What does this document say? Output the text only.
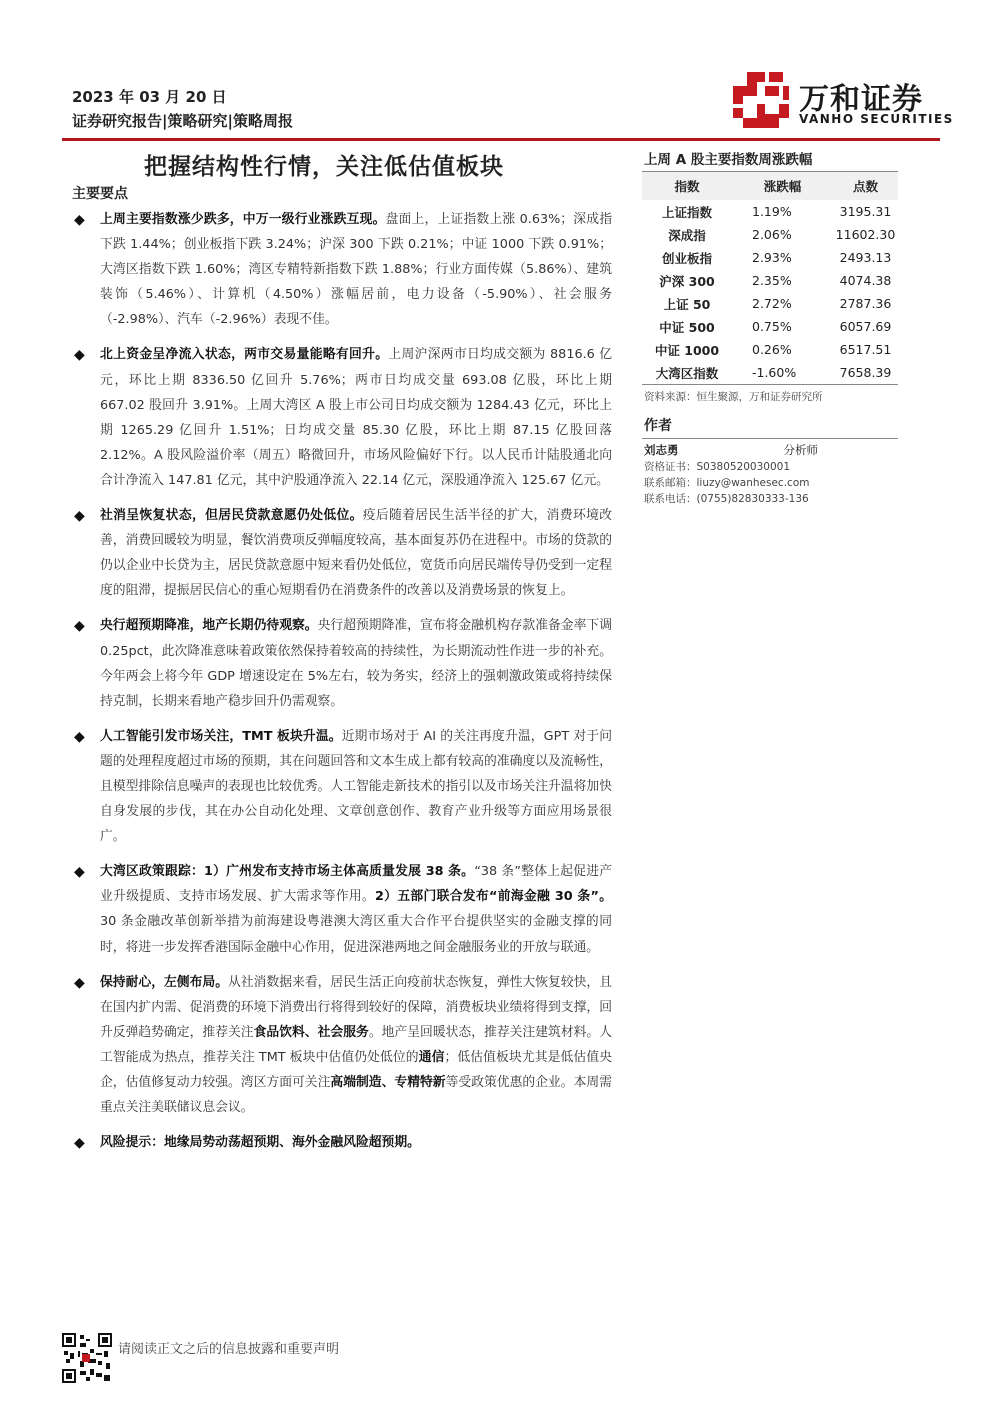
2023 年 03 月 20 日
证券研究报告|策略研究|策略周报
万和证券
VANHO SECURITIES
把握结构性行情，关注低估值板块
主要要点
◆ 上周主要指数涨少跌多，中万一级行业涨跌互现。盘面上，上证指数上涨 0.63%；深成指下跌 1.44%；创业板指下跌 3.24%；沪深 300 下跌 0.21%；中证 1000 下跌 0.91%；大湾区指数下跌 1.60%；湾区专精特新指数下跌 1.88%；行业方面传媒（5.86%）、建筑装饰（5.46%）、计算机（4.50%）涨幅居前，电力设备（-5.90%）、社会服务（-2.98%）、汽车（-2.96%）表现不佳。
◆ 北上资金呈净流入状态，两市交易量能略有回升。上周沪深两市日均成交额为 8816.6 亿元，环比上期 8336.50 亿回升 5.76%；两市日均成交量 693.08 亿股，环比上期 667.02 股回升 3.91%。上周大湾区 A 股上市公司日均成交额为 1284.43 亿元，环比上期 1265.29 亿回升 1.51%；日均成交量 85.30 亿股，环比上期 87.15 亿股回落 2.12%。A 股风险溢价率（周五）略微回升，市场风险偏好下行。以人民币计陆股通北向合计净流入 147.81 亿元，其中沪股通净流入 22.14 亿元，深股通净流入 125.67 亿元。
◆ 社消呈恢复状态，但居民贷款意愿仍处低位。疫后随着居民生活半径的扩大，消费环境改善，消费回暖较为明显，餐饮消费项反弹幅度较高，基本面复苏仍在进程中。市场的贷款的仍以企业中长贷为主，居民贷款意愿中短来看仍处低位，宽货币向居民端传导仍受到一定程度的阻滞，提振居民信心的重心短期看仍在消费条件的改善以及消费场景的恢复上。
◆ 央行超预期降准，地产长期仍待观察。央行超预期降准，宣布将金融机构存款准备金率下调 0.25pct，此次降准意味着政策依然保持着较高的持续性，为长期流动性作进一步的补充。今年两会上将今年 GDP 增速设定在 5%左右，较为务实，经济上的强刺激政策或将持续保持克制，长期来看地产稳步回升仍需观察。
◆ 人工智能引发市场关注，TMT 板块升温。近期市场对于 AI 的关注再度升温，GPT 对于问题的处理程度超过市场的预期，其在问题回答和文本生成上都有较高的准确度以及流畅性，且模型排除信息噪声的表现也比较优秀。人工智能走新技术的指引以及市场关注升温将加快自身发展的步伐，其在办公自动化处理、文章创意创作、教育产业升级等方面应用场景很广。
◆ 大湾区政策跟踪：1）广州发布支持市场主体高质量发展 38 条。“38 条”整体上起促进产业升级提质、支持市场发展、扩大需求等作用。2）五部门联合发布“前海金融 30 条”。30 条金融改革创新举措为前海建设粤港澳大湾区重大合作平台提供坚实的金融支撑的同时，将进一步发挥香港国际金融中心作用，促进深港两地之间金融服务业的开放与联通。
◆ 保持耐心，左侧布局。从社消数据来看，居民生活正向疫前状态恢复，弹性大恢复较快，且在国内扩内需、促消费的环境下消费出行将得到较好的保障，消费板块业绩将得到支撑，回升反弹趋势确定，推荐关注食品饮料、社会服务。地产呈回暖状态，推荐关注建筑材料。人工智能成为热点，推荐关注 TMT 板块中估值仍处低位的通信；低估值板块尤其是低估值央企，估值修复动力较强。湾区方面可关注高端制造、专精特新等受政策优惠的企业。本周需重点关注美联储议息会议。
◆ 风险提示：地缘局势动荡超预期、海外金融风险超预期。
上周 A 股主要指数周涨跌幅
指数	涨跌幅	点数
上证指数	1.19%	3195.31
深成指	2.06%	11602.30
创业板指	2.93%	2493.13
沪深 300	2.35%	4074.38
上证 50	2.72%	2787.36
中证 500	0.75%	6057.69
中证 1000	0.26%	6517.51
大湾区指数	-1.60%	7658.39
资料来源：恒生聚源，万和证券研究所
作者
刘志勇	分析师
资格证书：S0380520030001
联系邮箱：liuzy@wanhesec.com
联系电话：(0755)82830333-136
请阅读正文之后的信息披露和重要声明
